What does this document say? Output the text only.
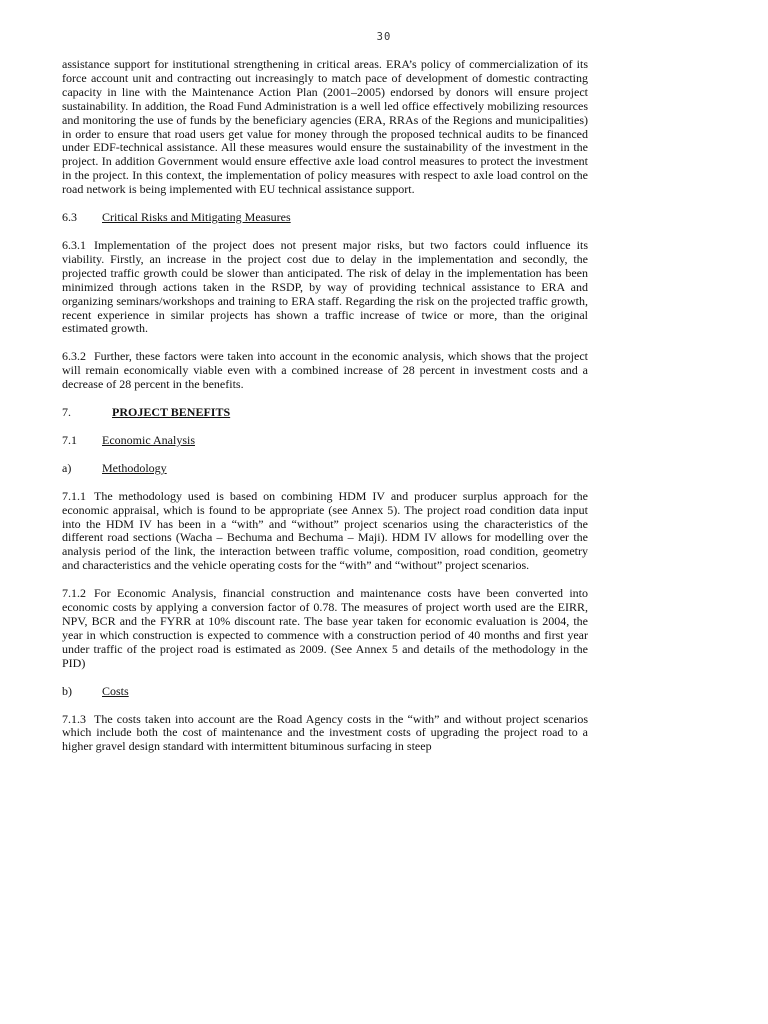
30

assistance support for institutional strengthening in critical areas. ERA’s policy of commercialization of its force account unit and contracting out increasingly to match pace of development of domestic contracting capacity in line with the Maintenance Action Plan (2001–2005) endorsed by donors will ensure project sustainability. In addition, the Road Fund Administration is a well led office effectively mobilizing resources and monitoring the use of funds by the beneficiary agencies (ERA, RRAs of the Regions and municipalities) in order to ensure that road users get value for money through the proposed technical audits to be financed under EDF-technical assistance. All these measures would ensure the sustainability of the investment in the project. In addition Government would ensure effective axle load control measures to protect the investment in the project. In this context, the implementation of policy measures with respect to axle load control on the road network is being implemented with EU technical assistance support.

6.3	Critical Risks and Mitigating Measures

6.3.1 Implementation of the project does not present major risks, but two factors could influence its viability. Firstly, an increase in the project cost due to delay in the implementation and secondly, the projected traffic growth could be slower than anticipated. The risk of delay in the implementation has been minimized through actions taken in the RSDP, by way of providing technical assistance to ERA and organizing seminars/workshops and training to ERA staff. Regarding the risk on the projected traffic growth, recent experience in similar projects has shown a traffic increase of twice or more, than the original estimated growth.

6.3.2 Further, these factors were taken into account in the economic analysis, which shows that the project will remain economically viable even with a combined increase of 28 percent in investment costs and a decrease of 28 percent in the benefits.

7.	PROJECT BENEFITS
7.1	Economic Analysis
a)	Methodology

7.1.1 The methodology used is based on combining HDM IV and producer surplus approach for the economic appraisal, which is found to be appropriate (see Annex 5). The project road condition data input into the HDM IV has been in a “with” and “without” project scenarios using the characteristics of the different road sections (Wacha – Bechuma and Bechuma – Maji). HDM IV allows for modelling over the analysis period of the link, the interaction between traffic volume, composition, road condition, geometry and characteristics and the vehicle operating costs for the “with” and “without” project scenarios.

7.1.2 For Economic Analysis, financial construction and maintenance costs have been converted into economic costs by applying a conversion factor of 0.78. The measures of project worth used are the EIRR, NPV, BCR and the FYRR at 10% discount rate. The base year taken for economic evaluation is 2004, the year in which construction is expected to commence with a construction period of 40 months and first year under traffic of the project road is estimated as 2009. (See Annex 5 and details of the methodology in the PID)

b)	Costs

7.1.3 The costs taken into account are the Road Agency costs in the “with” and without project scenarios which include both the cost of maintenance and the investment costs of upgrading the project road to a higher gravel design standard with intermittent bituminous surfacing in steep
